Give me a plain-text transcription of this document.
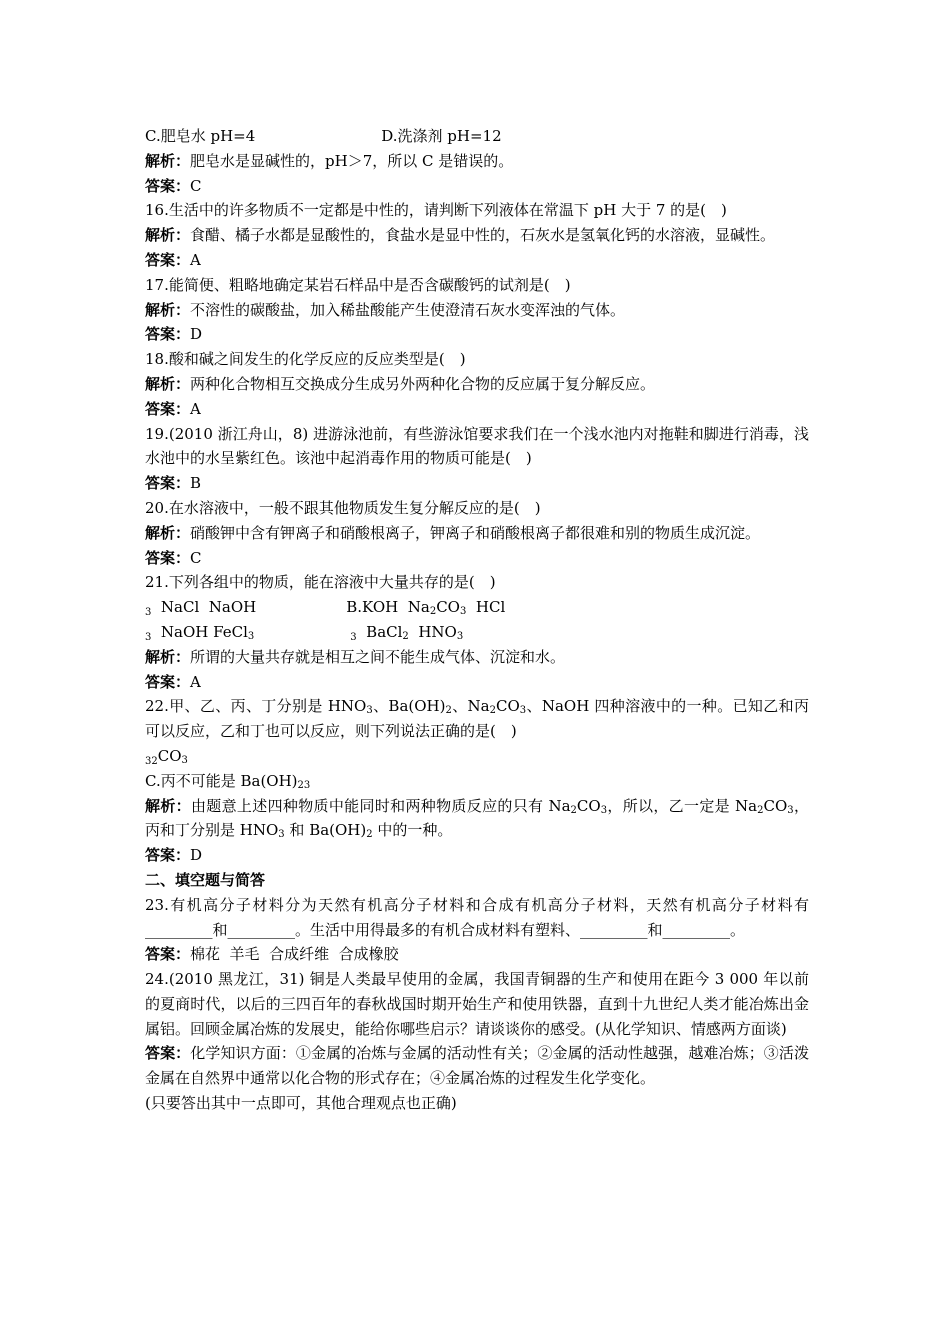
C.肥皂水 pH=4	D.洗涤剂 pH=12
解析：肥皂水是显碱性的，pH＞7，所以 C 是错误的。
答案：C
16.生活中的许多物质不一定都是中性的，请判断下列液体在常温下 pH 大于 7 的是(　)
解析：食醋、橘子水都是显酸性的，食盐水是显中性的，石灰水是氢氧化钙的水溶液，显碱性。
答案：A
17.能简便、粗略地确定某岩石样品中是否含碳酸钙的试剂是(　)
解析：不溶性的碳酸盐，加入稀盐酸能产生使澄清石灰水变浑浊的气体。
答案：D
18.酸和碱之间发生的化学反应的反应类型是(　)
解析：两种化合物相互交换成分生成另外两种化合物的反应属于复分解反应。
答案：A
19.(2010 浙江舟山，8) 进游泳池前，有些游泳馆要求我们在一个浅水池内对拖鞋和脚进行消毒，浅水池中的水呈紫红色。该池中起消毒作用的物质可能是(　)
答案：B
20.在水溶液中，一般不跟其他物质发生复分解反应的是(　)
解析：硝酸钾中含有钾离子和硝酸根离子，钾离子和硝酸根离子都很难和别的物质生成沉淀。
答案：C
21.下列各组中的物质，能在溶液中大量共存的是(　)
$_3$ NaCl  NaOH	B.KOH  $Na_2CO_3$  HCl
$_3$ NaOH FeCl$_3$	$_3$ BaCl$_2$  $HNO_3$
解析：所谓的大量共存就是相互之间不能生成气体、沉淀和水。
答案：A
22.甲、乙、丙、丁分别是 $HNO_3$、$Ba(OH)_2$、$Na_2CO_3$、NaOH 四种溶液中的一种。已知乙和丙可以反应，乙和丁也可以反应，则下列说法正确的是(　)
$_{32}CO_3$
C.丙不可能是 $Ba(OH)_{23}$
解析：由题意上述四种物质中能同时和两种物质反应的只有 $Na_2CO_3$，所以，乙一定是 $Na_2CO_3$，丙和丁分别是 $HNO_3$ 和 $Ba(OH)_2$ 中的一种。
答案：D
二、填空题与简答
23.有机高分子材料分为天然有机高分子材料和合成有机高分子材料，天然有机高分子材料有_________和_________。生活中用得最多的有机合成材料有塑料、_________和_________。
答案：棉花  羊毛  合成纤维  合成橡胶
24.(2010 黑龙江，31) 铜是人类最早使用的金属，我国青铜器的生产和使用在距今 3 000 年以前的夏商时代，以后的三四百年的春秋战国时期开始生产和使用铁器，直到十九世纪人类才能冶炼出金属铝。回顾金属冶炼的发展史，能给你哪些启示？请谈谈你的感受。(从化学知识、情感两方面谈)
答案：化学知识方面：①金属的冶炼与金属的活动性有关；②金属的活动性越强，越难冶炼；③活泼金属在自然界中通常以化合物的形式存在；④金属冶炼的过程发生化学变化。
(只要答出其中一点即可，其他合理观点也正确)
